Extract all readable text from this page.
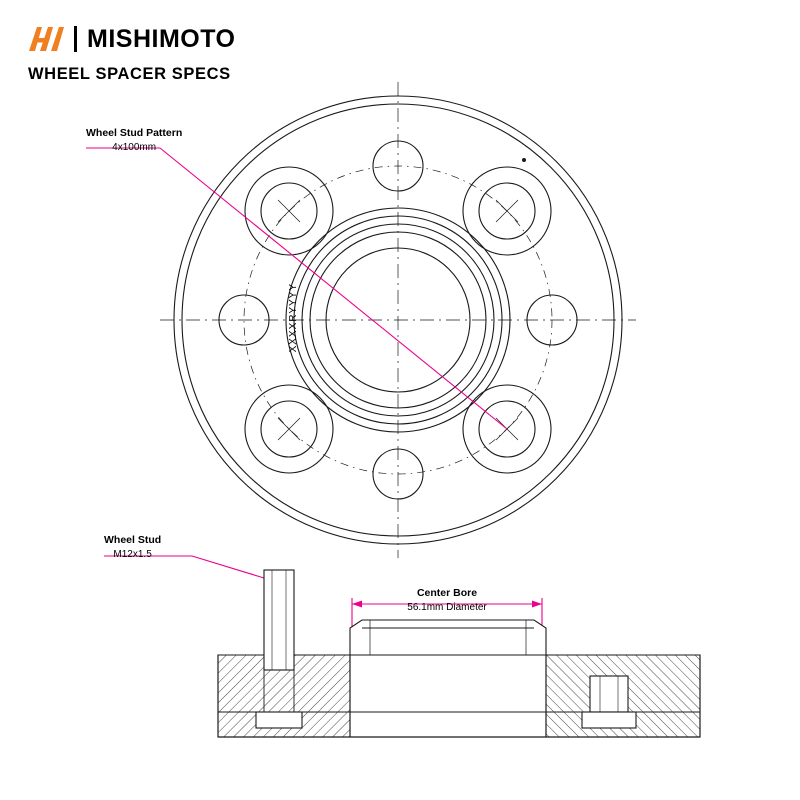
MISHIMOTO
WHEEL SPACER SPECS
Wheel Stud Pattern
4x100mm
Wheel Stud
M12x1.5
Center Bore
56.1mm Diameter
XXXXRYYYY
